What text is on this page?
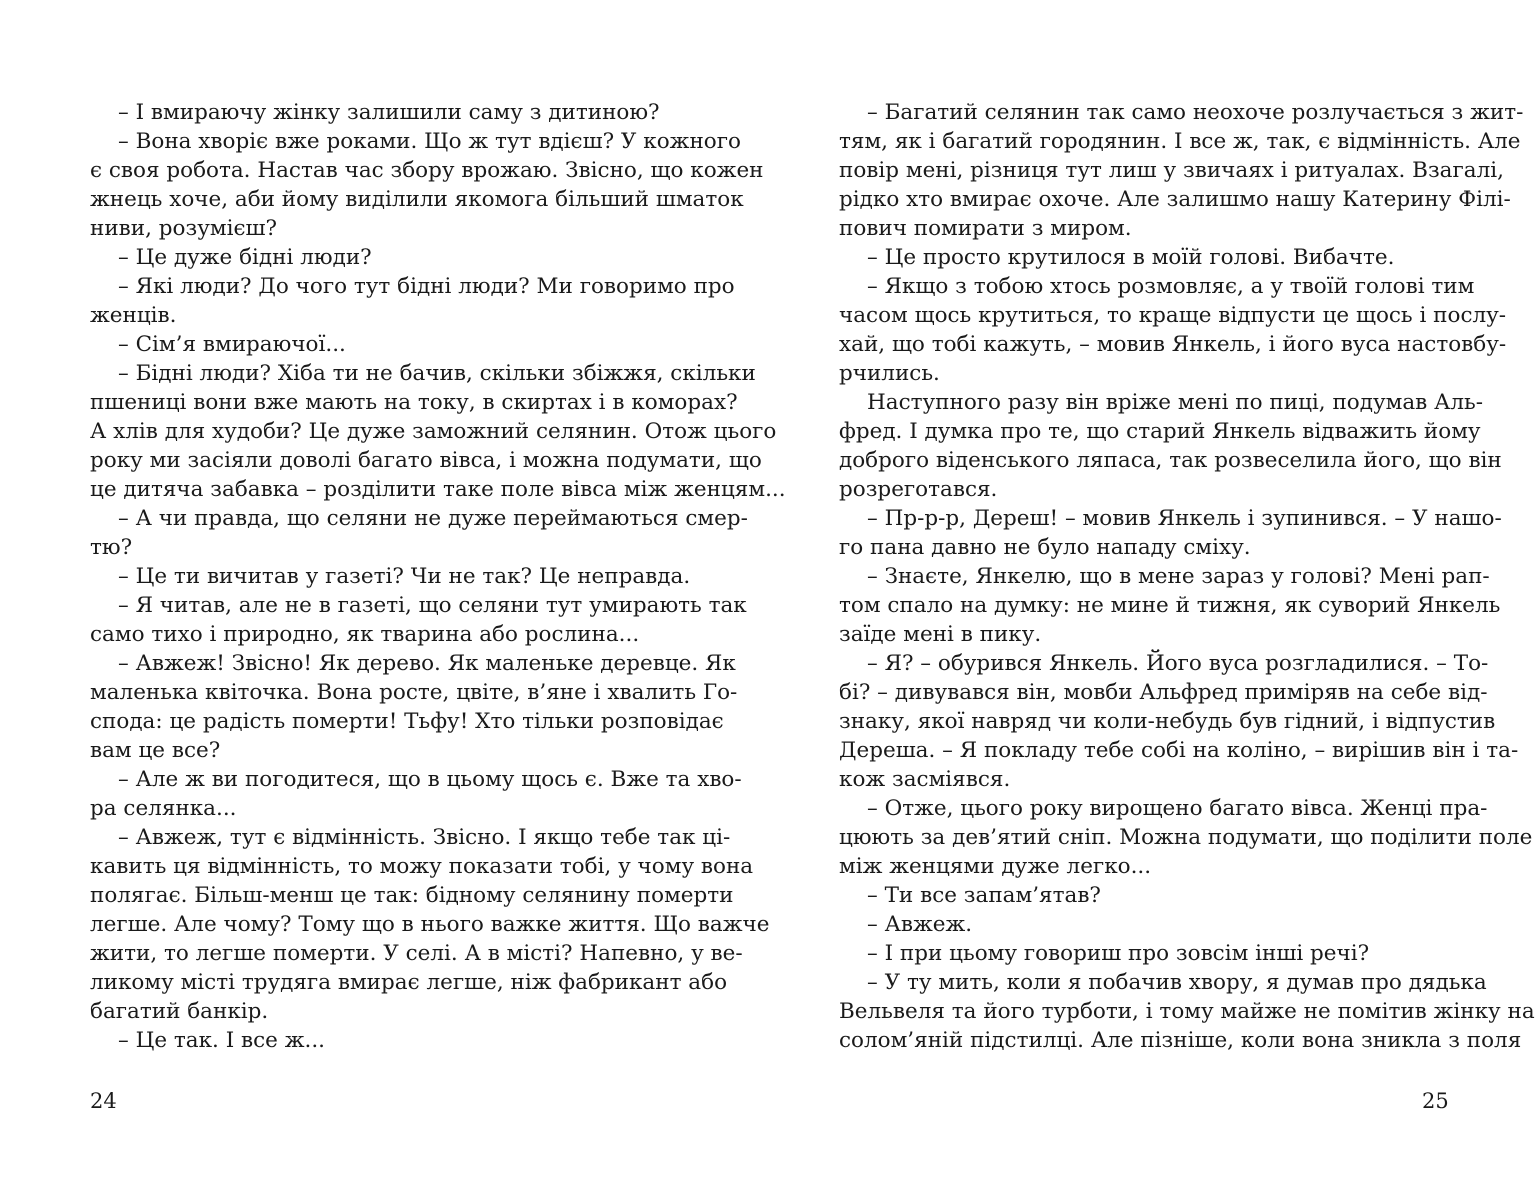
– І вмираючу жінку залишили саму з дитиною?
– Вона хворіє вже роками. Що ж тут вдієш? У кожного
є своя робота. Настав час збору врожаю. Звісно, що кожен
жнець хоче, аби йому виділили якомога більший шматок
ниви, розумієш?
– Це дуже бідні люди?
– Які люди? До чого тут бідні люди? Ми говоримо про
женців.
– Сім’я вмираючої...
– Бідні люди? Хіба ти не бачив, скільки збіжжя, скільки
пшениці вони вже мають на току, в скиртах і в коморах?
А хлів для худоби? Це дуже заможний селянин. Отож цього
року ми засіяли доволі багато вівса, і можна подумати, що
це дитяча забавка – розділити таке поле вівса між женцям...
– А чи правда, що селяни не дуже переймаються смер-
тю?
– Це ти вичитав у газеті? Чи не так? Це неправда.
– Я читав, але не в газеті, що селяни тут умирають так
само тихо і природно, як тварина або рослина...
– Авжеж! Звісно! Як дерево. Як маленьке деревце. Як
маленька квіточка. Вона росте, цвіте, в’яне і хвалить Го-
спода: це радість померти! Тьфу! Хто тільки розповідає
вам це все?
– Але ж ви погодитеся, що в цьому щось є. Вже та хво-
ра селянка...
– Авжеж, тут є відмінність. Звісно. І якщо тебе так ці-
кавить ця відмінність, то можу показати тобі, у чому вона
полягає. Більш-менш це так: бідному селянину померти
легше. Але чому? Тому що в нього важке життя. Що важче
жити, то легше померти. У селі. А в місті? Напевно, у ве-
ликому місті трудяга вмирає легше, ніж фабрикант або
багатий банкір.
– Це так. І все ж...
– Багатий селянин так само неохоче розлучається з жит-
тям, як і багатий городянин. І все ж, так, є відмінність. Але
повір мені, різниця тут лиш у звичаях і ритуалах. Взагалі,
рідко хто вмирає охоче. Але залишмо нашу Катерину Філі-
пович помирати з миром.
– Це просто крутилося в моїй голові. Вибачте.
– Якщо з тобою хтось розмовляє, а у твоїй голові тим
часом щось крутиться, то краще відпусти це щось і послу-
хай, що тобі кажуть, – мовив Янкель, і його вуса настовбу-
рчились.
Наступного разу він вріже мені по пиці, подумав Аль-
фред. І думка про те, що старий Янкель відважить йому
доброго віденського ляпаса, так розвеселила його, що він
розреготався.
– Пр-р-р, Дереш! – мовив Янкель і зупинився. – У нашо-
го пана давно не було нападу сміху.
– Знаєте, Янкелю, що в мене зараз у голові? Мені рап-
том спало на думку: не мине й тижня, як суворий Янкель
заїде мені в пику.
– Я? – обурився Янкель. Його вуса розгладилися. – То-
бі? – дивувався він, мовби Альфред приміряв на себе від-
знаку, якої навряд чи коли-небудь був гідний, і відпустив
Дереша. – Я покладу тебе собі на коліно, – вирішив він і та-
кож засміявся.
– Отже, цього року вирощено багато вівса. Женці пра-
цюють за дев’ятий сніп. Можна подумати, що поділити поле
між женцями дуже легко...
– Ти все запам’ятав?
– Авжеж.
– І при цьому говориш про зовсім інші речі?
– У ту мить, коли я побачив хвору, я думав про дядька
Вельвеля та його турботи, і тому майже не помітив жінку на
солом’яній підстилці. Але пізніше, коли вона зникла з поля
24	25
